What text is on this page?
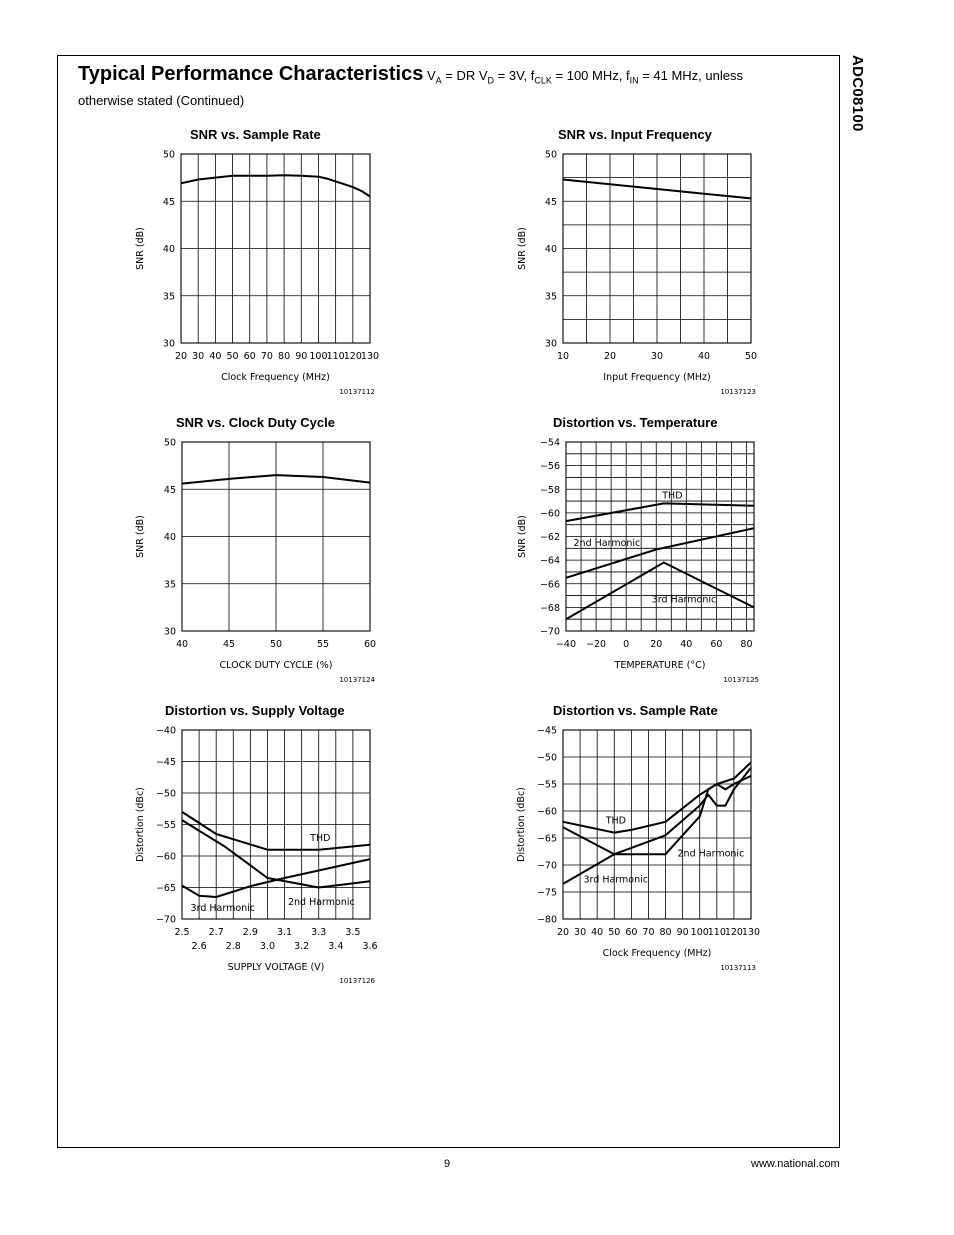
ADC08100
Typical Performance Characteristics $V_A$ = DR $V_D = 3V$, $f_{CLK} = 100$ MHz, $f_{IN} = 41$ MHz, unless
otherwise stated (Continued)
SNR vs. Sample Rate	SNR vs. Input Frequency
SNR vs. Clock Duty Cycle	Distortion vs. Temperature
Distortion vs. Supply Voltage	Distortion vs. Sample Rate
20 30 40 50 60 70 80 90 100 110 120 130
30
35
40
45
50
Clock Frequency (MHz)
SNR (dB)
10137112
10	20	30	40	50
30
35
40
45
50
Input Frequency (MHz)
SNR (dB)
10137123
40	45	50	55	60
30
35
40
45
50
CLOCK DUTY CYCLE (%)
SNR (dB)
10137124
−40 −20 0 20 40 60 80
−70
−68
−66
−64
−62
−60
−58
−56
−54
TEMPERATURE (°C)
SNR (dB)
THD
2nd Harmonic
3rd Harmonic
10137125
2.5
2.6
2.7
2.8
2.9
3.0
3.1
3.2
3.3
3.4
3.5
3.6
−70
−65
−60
−55
−50
−45
−40
SUPPLY VOLTAGE (V)
Distortion (dBc)	THD
2nd Harmonic
3rd Harmonic
10137126
20 30 40 50 60 70 80 90 100
110
120
130
−80
−75
−70
−65
−60
−55
−50
−45
Clock Frequency (MHz)
Distortion (dBc)	THD
2nd Harmonic
3rd Harmonic
10137113
9	www.national.com
